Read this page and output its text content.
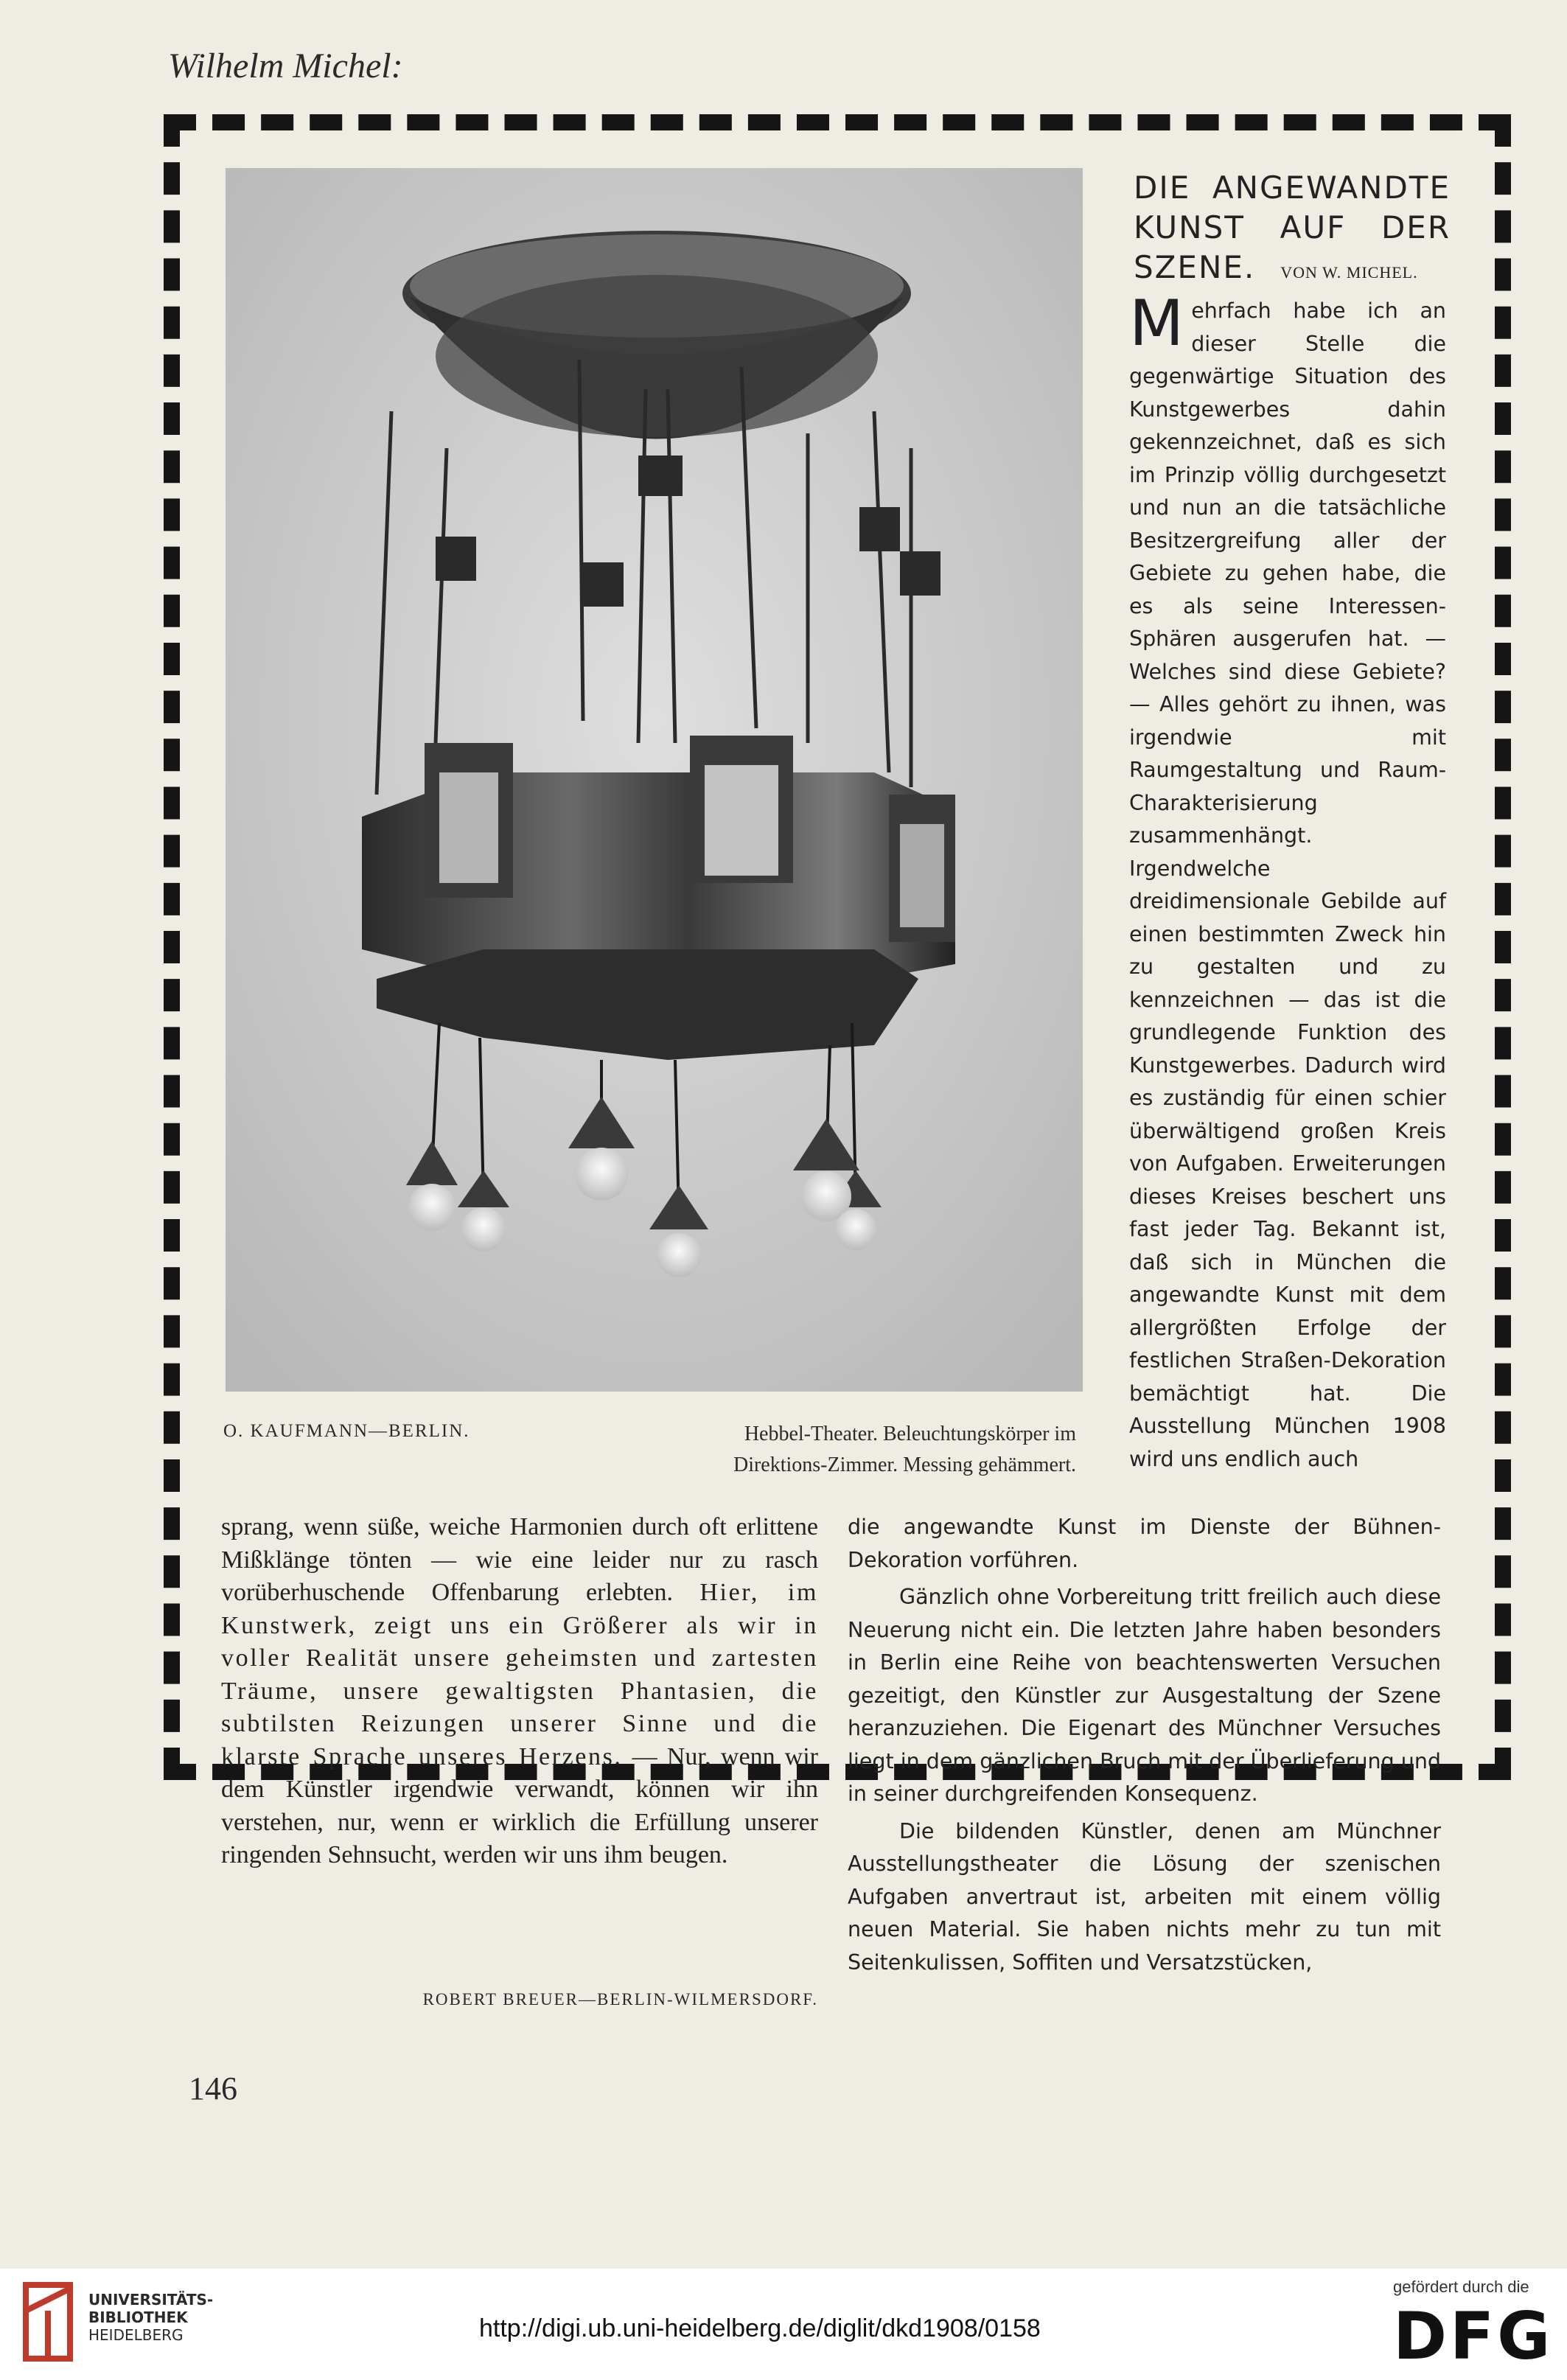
Wilhelm Michel:
O. KAUFMANN—BERLIN.	Hebbel-Theater. Beleuchtungskörper im
Direktions-Zimmer. Messing gehämmert.
DIE ANGEWANDTE
KUNST AUF DER
SZENE. VON W. MICHEL.

Mehrfach habe ich an dieser Stelle die gegenwärtige Situation des Kunstgewerbes dahin gekennzeichnet, daß es sich im Prinzip völlig durchgesetzt und nun an die tatsächliche Besitzergreifung aller der Gebiete zu gehen habe, die es als seine Interessen-Sphären ausgerufen hat. — Welches sind diese Gebiete? — Alles gehört zu ihnen, was irgendwie mit Raumgestaltung und Raum-Charakterisierung zusammenhängt. Irgendwelche dreidimensionale Gebilde auf einen bestimmten Zweck hin zu gestalten und zu kennzeichnen — das ist die grundlegende Funktion des Kunstgewerbes. Dadurch wird es zuständig für einen schier überwältigend großen Kreis von Aufgaben. Erweiterungen dieses Kreises beschert uns fast jeder Tag. Bekannt ist, daß sich in München die angewandte Kunst mit dem allergrößten Erfolge der festlichen Straßen-Dekoration bemächtigt hat. Die Ausstellung München 1908 wird uns endlich auch

sprang, wenn süße, weiche Harmonien durch oft erlittene Mißklänge tönten — wie eine leider nur zu rasch vorüberhuschende Offenbarung erlebten. Hier, im Kunstwerk, zeigt uns ein Größerer als wir in voller Realität unsere geheimsten und zartesten Träume, unsere gewaltigsten Phantasien, die subtilsten Reizungen unserer Sinne und die klarste Sprache unseres Herzens. — Nur, wenn wir dem Künstler irgendwie verwandt, können wir ihn verstehen, nur, wenn er wirklich die Erfüllung unserer ringenden Sehnsucht, werden wir uns ihm beugen.

ROBERT BREUER—BERLIN-WILMERSDORF.

die angewandte Kunst im Dienste der Bühnen-Dekoration vorführen.

Gänzlich ohne Vorbereitung tritt freilich auch diese Neuerung nicht ein. Die letzten Jahre haben besonders in Berlin eine Reihe von beachtenswerten Versuchen gezeitigt, den Künstler zur Ausgestaltung der Szene heranzuziehen. Die Eigenart des Münchner Versuches liegt in dem gänzlichen Bruch mit der Überlieferung und in seiner durchgreifenden Konsequenz.

Die bildenden Künstler, denen am Münchner Ausstellungstheater die Lösung der szenischen Aufgaben anvertraut ist, arbeiten mit einem völlig neuen Material. Sie haben nichts mehr zu tun mit Seitenkulissen, Soffiten und Versatzstücken,

146
UNIVERSITÄTS-
BIBLIOTHEK
HEIDELBERG	http://digi.ub.uni-heidelberg.de/diglit/dkd1908/0158
gefördert durch die
DFG
